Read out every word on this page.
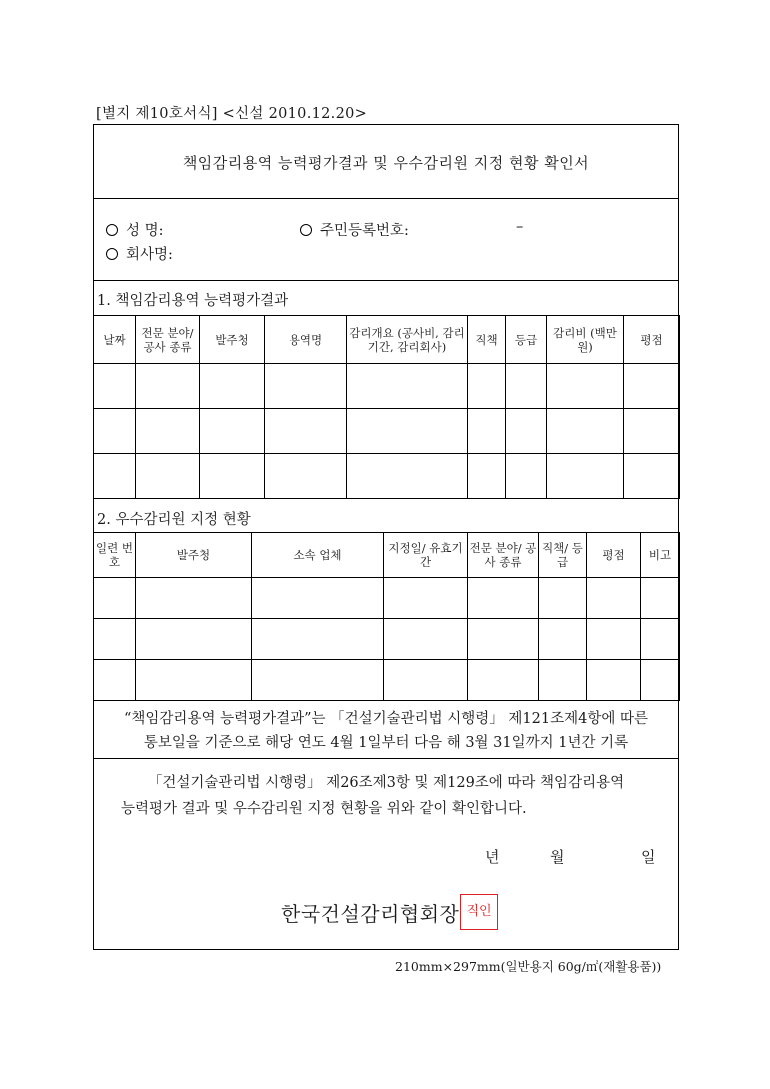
[별지 제10호서식] <신설 2010.12.20>
책임감리용역 능력평가결과 및 우수감리원 지정 현황 확인서
성 명:	주민등록번호:	–
회사명:
1. 책임감리용역 능력평가결과
날짜	전문 분야/ 공사 종류	발주청	용역명	감리개요 (공사비, 감리기간, 감리회사)	직책	등급	감리비 (백만원)	평점

2. 우수감리원 지정 현황
일련 번호	발주청	소속 업체	지정일/ 유효기간	전문 분야/ 공사 종류	직책/ 등급	평점	비고

“책임감리용역 능력평가결과”는 「건설기술관리법 시행령」 제121조제4항에 따른
통보일을 기준으로 해당 연도 4월 1일부터 다음 해 3월 31일까지 1년간 기록
「건설기술관리법 시행령」 제26조제3항 및 제129조에 따라 책임감리용역
능력평가 결과 및 우수감리원 지정 현황을 위와 같이 확인합니다.
년	월	일
한국건설감리협회장 직인
210mm×297mm(일반용지 60g/㎡(재활용품))
